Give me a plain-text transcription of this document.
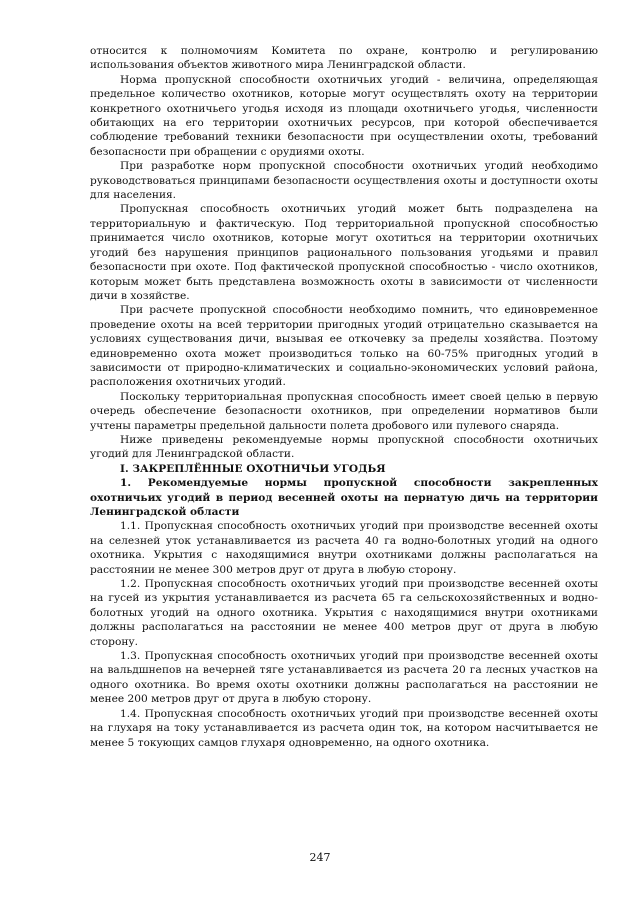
относится к полномочиям Комитета по охране, контролю и регулированию использования объектов животного мира Ленинградской области.

Норма пропускной способности охотничьих угодий - величина, определяющая предельное количество охотников, которые могут осуществлять охоту на территории конкретного охотничьего угодья исходя из площади охотничьего угодья, численности обитающих на его территории охотничьих ресурсов, при которой обеспечивается соблюдение требований техники безопасности при осуществлении охоты, требований безопасности при обращении с орудиями охоты.

При разработке норм пропускной способности охотничьих угодий необходимо руководствоваться принципами безопасности осуществления охоты и доступности охоты для населения.

Пропускная способность охотничьих угодий может быть подразделена на территориальную и фактическую. Под территориальной пропускной способностью принимается число охотников, которые могут охотиться на территории охотничьих угодий без нарушения принципов рационального пользования угодьями и правил безопасности при охоте. Под фактической пропускной способностью - число охотников, которым может быть представлена возможность охоты в зависимости от численности дичи в хозяйстве.

При расчете пропускной способности необходимо помнить, что единовременное проведение охоты на всей территории пригодных угодий отрицательно сказывается на условиях существования дичи, вызывая ее откочевку за пределы хозяйства. Поэтому единовременно охота может производиться только на 60-75% пригодных угодий в зависимости от природно-климатических и социально-экономических условий района, расположения охотничьих угодий.

Поскольку территориальная пропускная способность имеет своей целью в первую очередь обеспечение безопасности охотников, при определении нормативов были учтены параметры предельной дальности полета дробового или пулевого снаряда.

Ниже приведены рекомендуемые нормы пропускной способности охотничьих угодий для Ленинградской области.

I. ЗАКРЕПЛЁННЫЕ ОХОТНИЧЬИ УГОДЬЯ

1. Рекомендуемые нормы пропускной способности закрепленных охотничьих угодий в период весенней охоты на пернатую дичь на территории Ленинградской области

1.1. Пропускная способность охотничьих угодий при производстве весенней охоты на селезней уток устанавливается из расчета 40 га водно-болотных угодий на одного охотника. Укрытия с находящимися внутри охотниками должны располагаться на расстоянии не менее 300 метров друг от друга в любую сторону.

1.2. Пропускная способность охотничьих угодий при производстве весенней охоты на гусей из укрытия устанавливается из расчета 65 га сельскохозяйственных и водно-болотных угодий на одного охотника. Укрытия с находящимися внутри охотниками должны располагаться на расстоянии не менее 400 метров друг от друга в любую сторону.

1.3. Пропускная способность охотничьих угодий при производстве весенней охоты на вальдшнепов на вечерней тяге устанавливается из расчета 20 га лесных участков на одного охотника. Во время охоты охотники должны располагаться на расстоянии не менее 200 метров друг от друга в любую сторону.

1.4. Пропускная способность охотничьих угодий при производстве весенней охоты на глухаря на току устанавливается из расчета один ток, на котором насчитывается не менее 5 токующих самцов глухаря одновременно, на одного охотника.

247
